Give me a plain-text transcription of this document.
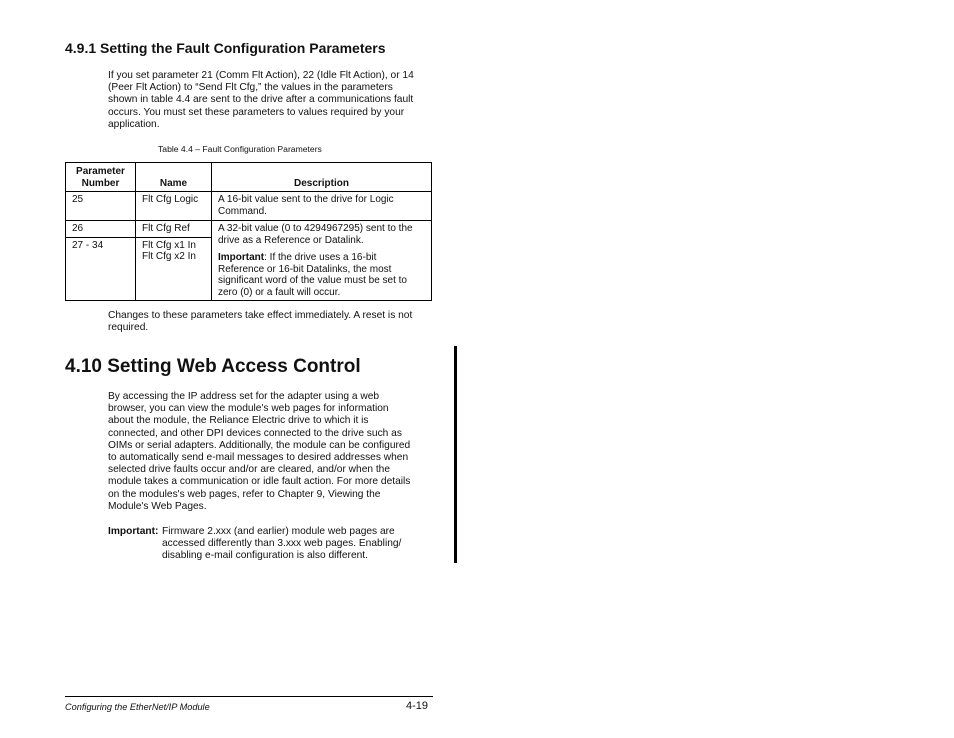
4.9.1 Setting the Fault Configuration Parameters
If you set parameter 21 (Comm Flt Action), 22 (Idle Flt Action), or 14
(Peer Flt Action) to “Send Flt Cfg,” the values in the parameters
shown in table 4.4 are sent to the drive after a communications fault
occurs. You must set these parameters to values required by your
application.
Table 4.4 – Fault Configuration Parameters
Parameter Number	Name	Description
25	Flt Cfg Logic	A 16-bit value sent to the drive for Logic Command.
26	Flt Cfg Ref	A 32-bit value (0 to 4294967295) sent to the drive as a Reference or Datalink.
Important: If the drive uses a 16-bit Reference or 16-bit Datalinks, the most significant word of the value must be set to zero (0) or a fault will occur.

27 - 34	Flt Cfg x1 In
Flt Cfg x2 In	
Changes to these parameters take effect immediately. A reset is not
required.
4.10 Setting Web Access Control
By accessing the IP address set for the adapter using a web
browser, you can view the module's web pages for information
about the module, the Reliance Electric drive to which it is
connected, and other DPI devices connected to the drive such as
OIMs or serial adapters. Additionally, the module can be configured
to automatically send e-mail messages to desired addresses when
selected drive faults occur and/or are cleared, and/or when the
module takes a communication or idle fault action. For more details
on the modules's web pages, refer to Chapter 9, Viewing the
Module's Web Pages.
Important: Firmware 2.xxx (and earlier) module web pages are
accessed differently than 3.xxx web pages. Enabling/
disabling e-mail configuration is also different.
Configuring the EtherNet/IP Module	4-19
